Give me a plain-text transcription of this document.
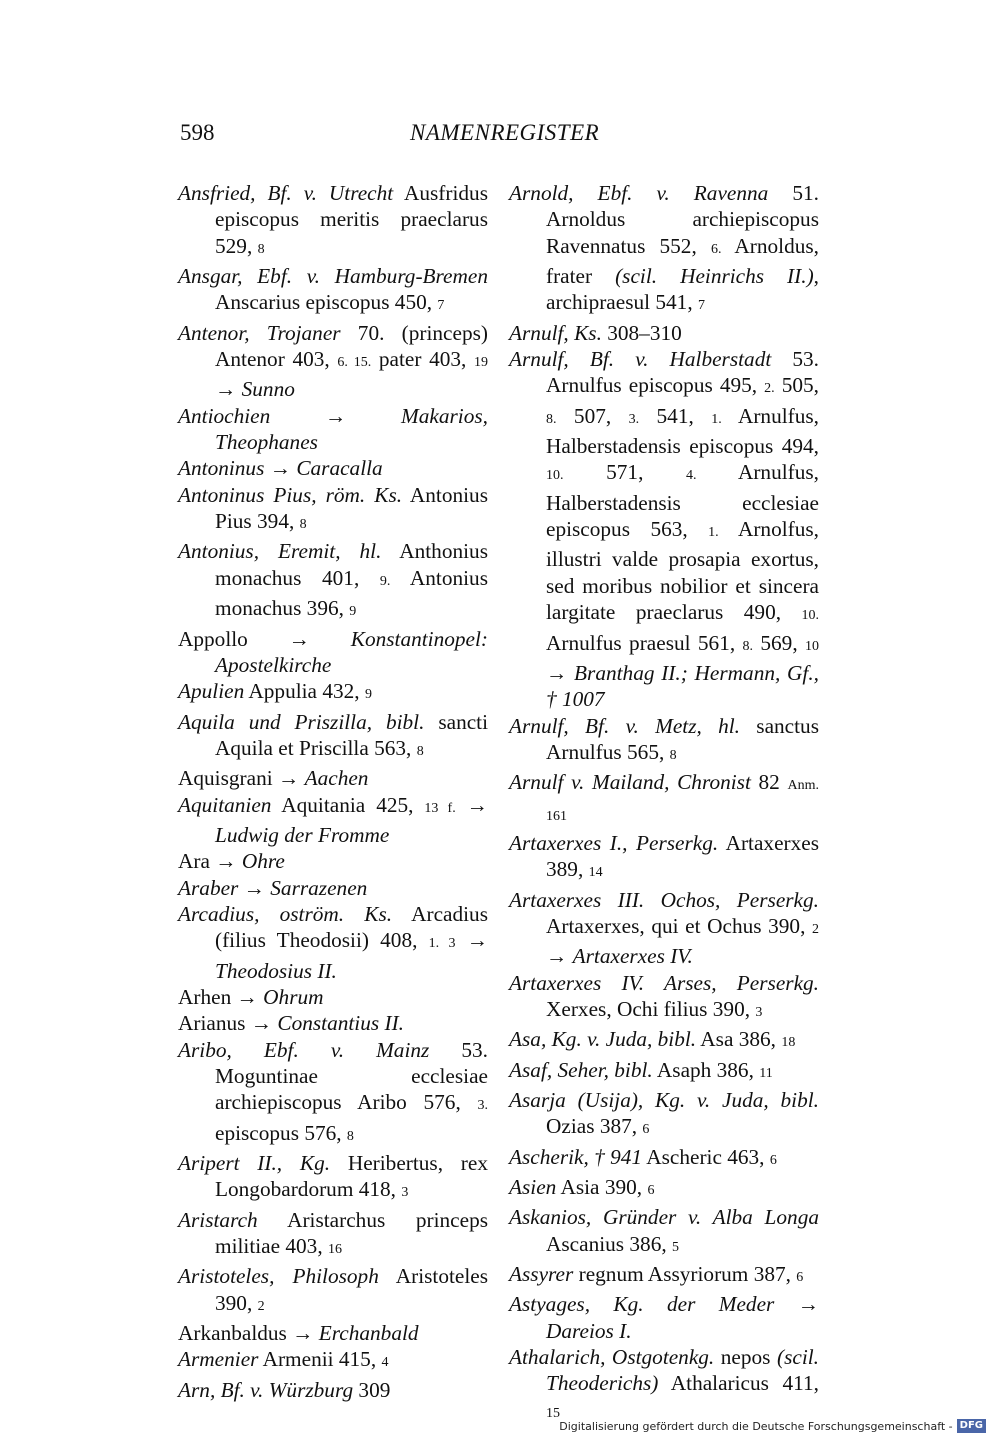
598	NAMENREGISTER
Ansfried, Bf. v. Utrecht Ausfridus episcopus meritis praeclarus 529, 8
Ansgar, Ebf. v. Hamburg-Bremen Anscarius episcopus 450, 7
Antenor, Trojaner 70. (princeps) Antenor 403, 6. 15. pater 403, 19 → Sunno
Antiochien → Makarios, Theophanes
Antoninus → Caracalla
Antoninus Pius, röm. Ks. Antonius Pius 394, 8
Antonius, Eremit, hl. Anthonius monachus 401, 9. Antonius monachus 396, 9
Appollo → Konstantinopel: Apostelkirche
Apulien Appulia 432, 9
Aquila und Priszilla, bibl. sancti Aquila et Priscilla 563, 8
Aquisgrani → Aachen
Aquitanien Aquitania 425, 13 f. → Ludwig der Fromme
Ara → Ohre
Araber → Sarrazenen
Arcadius, oström. Ks. Arcadius (filius Theodosii) 408, 1. 3 → Theodosius II.
Arhen → Ohrum
Arianus → Constantius II.
Aribo, Ebf. v. Mainz 53. Moguntinae ecclesiae archiepiscopus Aribo 576, 3. episcopus 576, 8
Aripert II., Kg. Heribertus, rex Longobardorum 418, 3
Aristarch Aristarchus princeps militiae 403, 16
Aristoteles, Philosoph Aristoteles 390, 2
Arkanbaldus → Erchanbald
Armenier Armenii 415, 4
Arn, Bf. v. Würzburg 309
Arnold, Ebf. v. Ravenna 51. Arnoldus archiepiscopus Ravennatus 552, 6. Arnoldus, frater (scil. Heinrichs II.), archipraesul 541, 7
Arnulf, Ks. 308–310
Arnulf, Bf. v. Halberstadt 53. Arnulfus episcopus 495, 2. 505, 8. 507, 3. 541, 1. Arnulfus, Halberstadensis episcopus 494, 10. 571, 4. Arnulfus, Halberstadensis ecclesiae episcopus 563, 1. Arnolfus, illustri valde prosapia exortus, sed moribus nobilior et sincera largitate praeclarus 490, 10. Arnulfus praesul 561, 8. 569, 10 → Branthag II.; Hermann, Gf., † 1007
Arnulf, Bf. v. Metz, hl. sanctus Arnulfus 565, 8
Arnulf v. Mailand, Chronist 82 Anm. 161
Artaxerxes I., Perserkg. Artaxerxes 389, 14
Artaxerxes III. Ochos, Perserkg. Artaxerxes, qui et Ochus 390, 2 → Artaxerxes IV.
Artaxerxes IV. Arses, Perserkg. Xerxes, Ochi filius 390, 3
Asa, Kg. v. Juda, bibl. Asa 386, 18
Asaf, Seher, bibl. Asaph 386, 11
Asarja (Usija), Kg. v. Juda, bibl. Ozias 387, 6
Ascherik, † 941 Ascheric 463, 6
Asien Asia 390, 6
Askanios, Gründer v. Alba Longa Ascanius 386, 5
Assyrer regnum Assyriorum 387, 6
Astyages, Kg. der Meder → Dareios I.
Athalarich, Ostgotenkg. nepos (scil. Theoderichs) Athalaricus 411, 15
Digitalisierung gefördert durch die Deutsche Forschungsgemeinschaft - DFG
